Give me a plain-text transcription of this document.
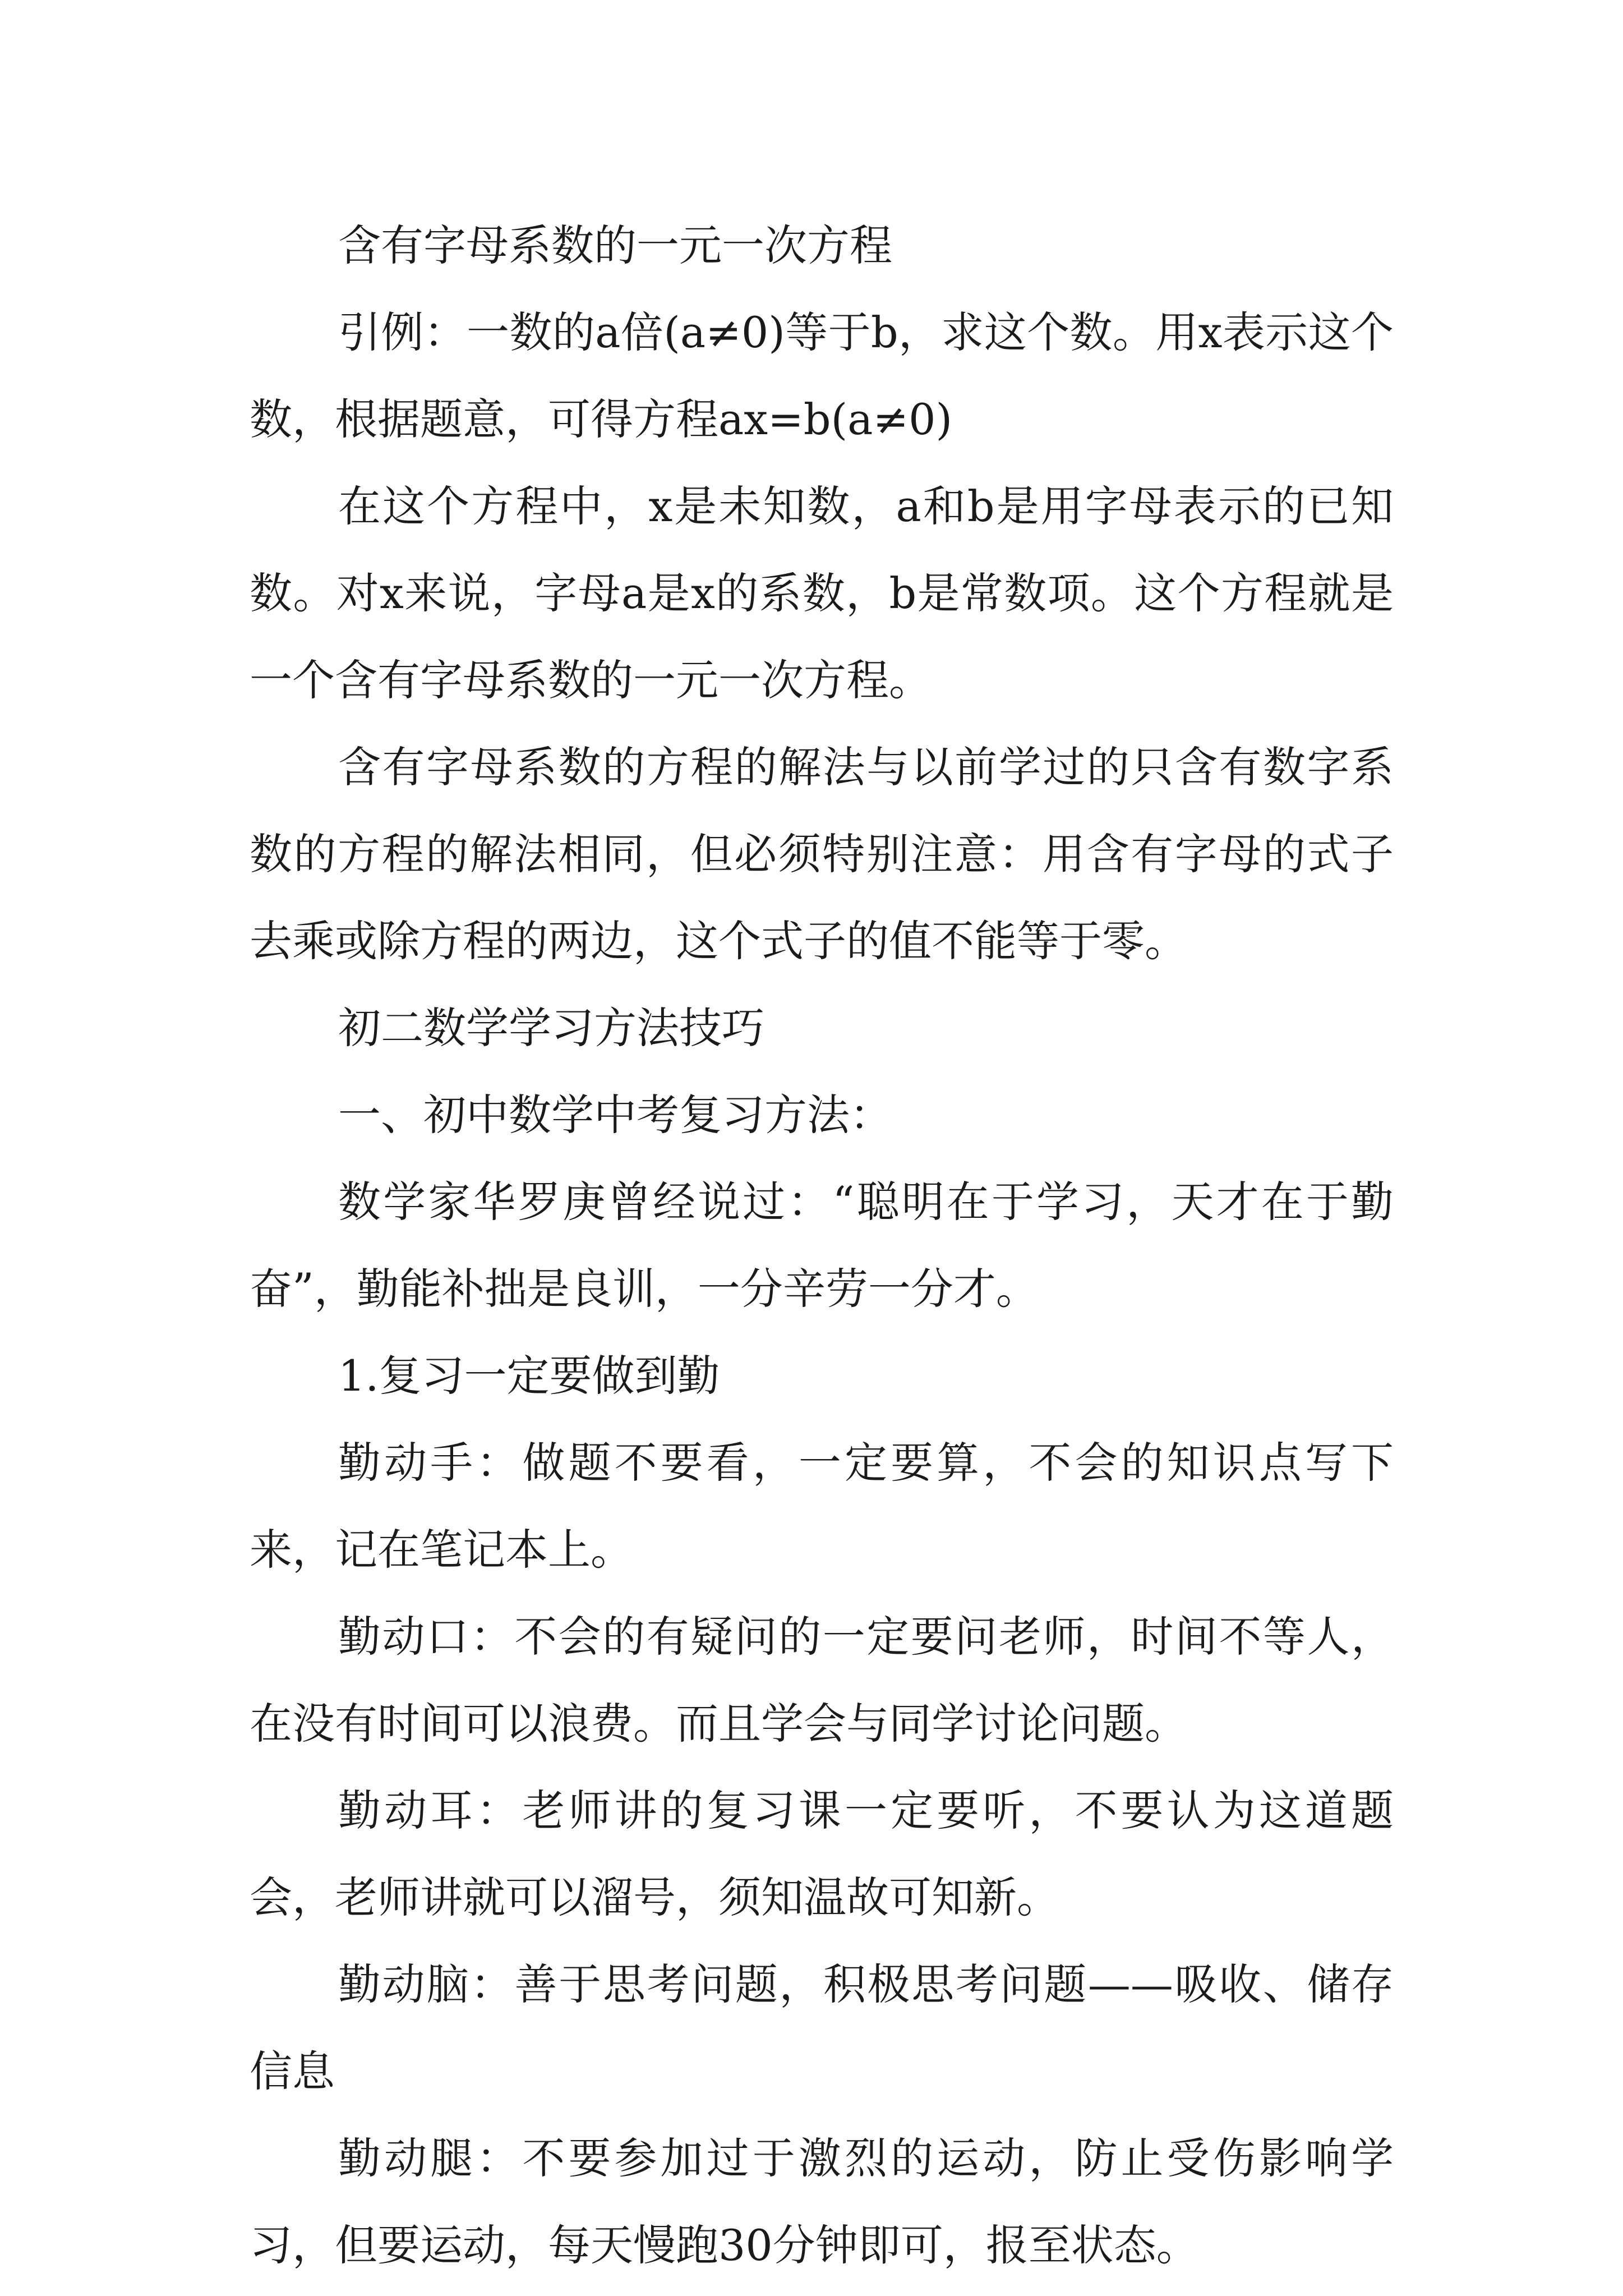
含有字母系数的一元一次方程

引例：一数的a倍(a≠0)等于b，求这个数。用x表示这个数，根据题意，可得方程ax=b(a≠0)

在这个方程中，x是未知数，a和b是用字母表示的已知数。对x来说，字母a是x的系数，b是常数项。这个方程就是一个含有字母系数的一元一次方程。

含有字母系数的方程的解法与以前学过的只含有数字系数的方程的解法相同，但必须特别注意：用含有字母的式子去乘或除方程的两边，这个式子的值不能等于零。

初二数学学习方法技巧

一、初中数学中考复习方法：

数学家华罗庚曾经说过：“聪明在于学习，天才在于勤奋”，勤能补拙是良训，一分辛劳一分才。

1.复习一定要做到勤

勤动手：做题不要看，一定要算，不会的知识点写下来，记在笔记本上。

勤动口：不会的有疑问的一定要问老师，时间不等人，在没有时间可以浪费。而且学会与同学讨论问题。

勤动耳：老师讲的复习课一定要听，不要认为这道题会，老师讲就可以溜号，须知温故可知新。

勤动脑：善于思考问题，积极思考问题——吸收、储存信息

勤动腿：不要参加过于激烈的运动，防止受伤影响学习，但要运动，每天慢跑30分钟即可，报至状态。
